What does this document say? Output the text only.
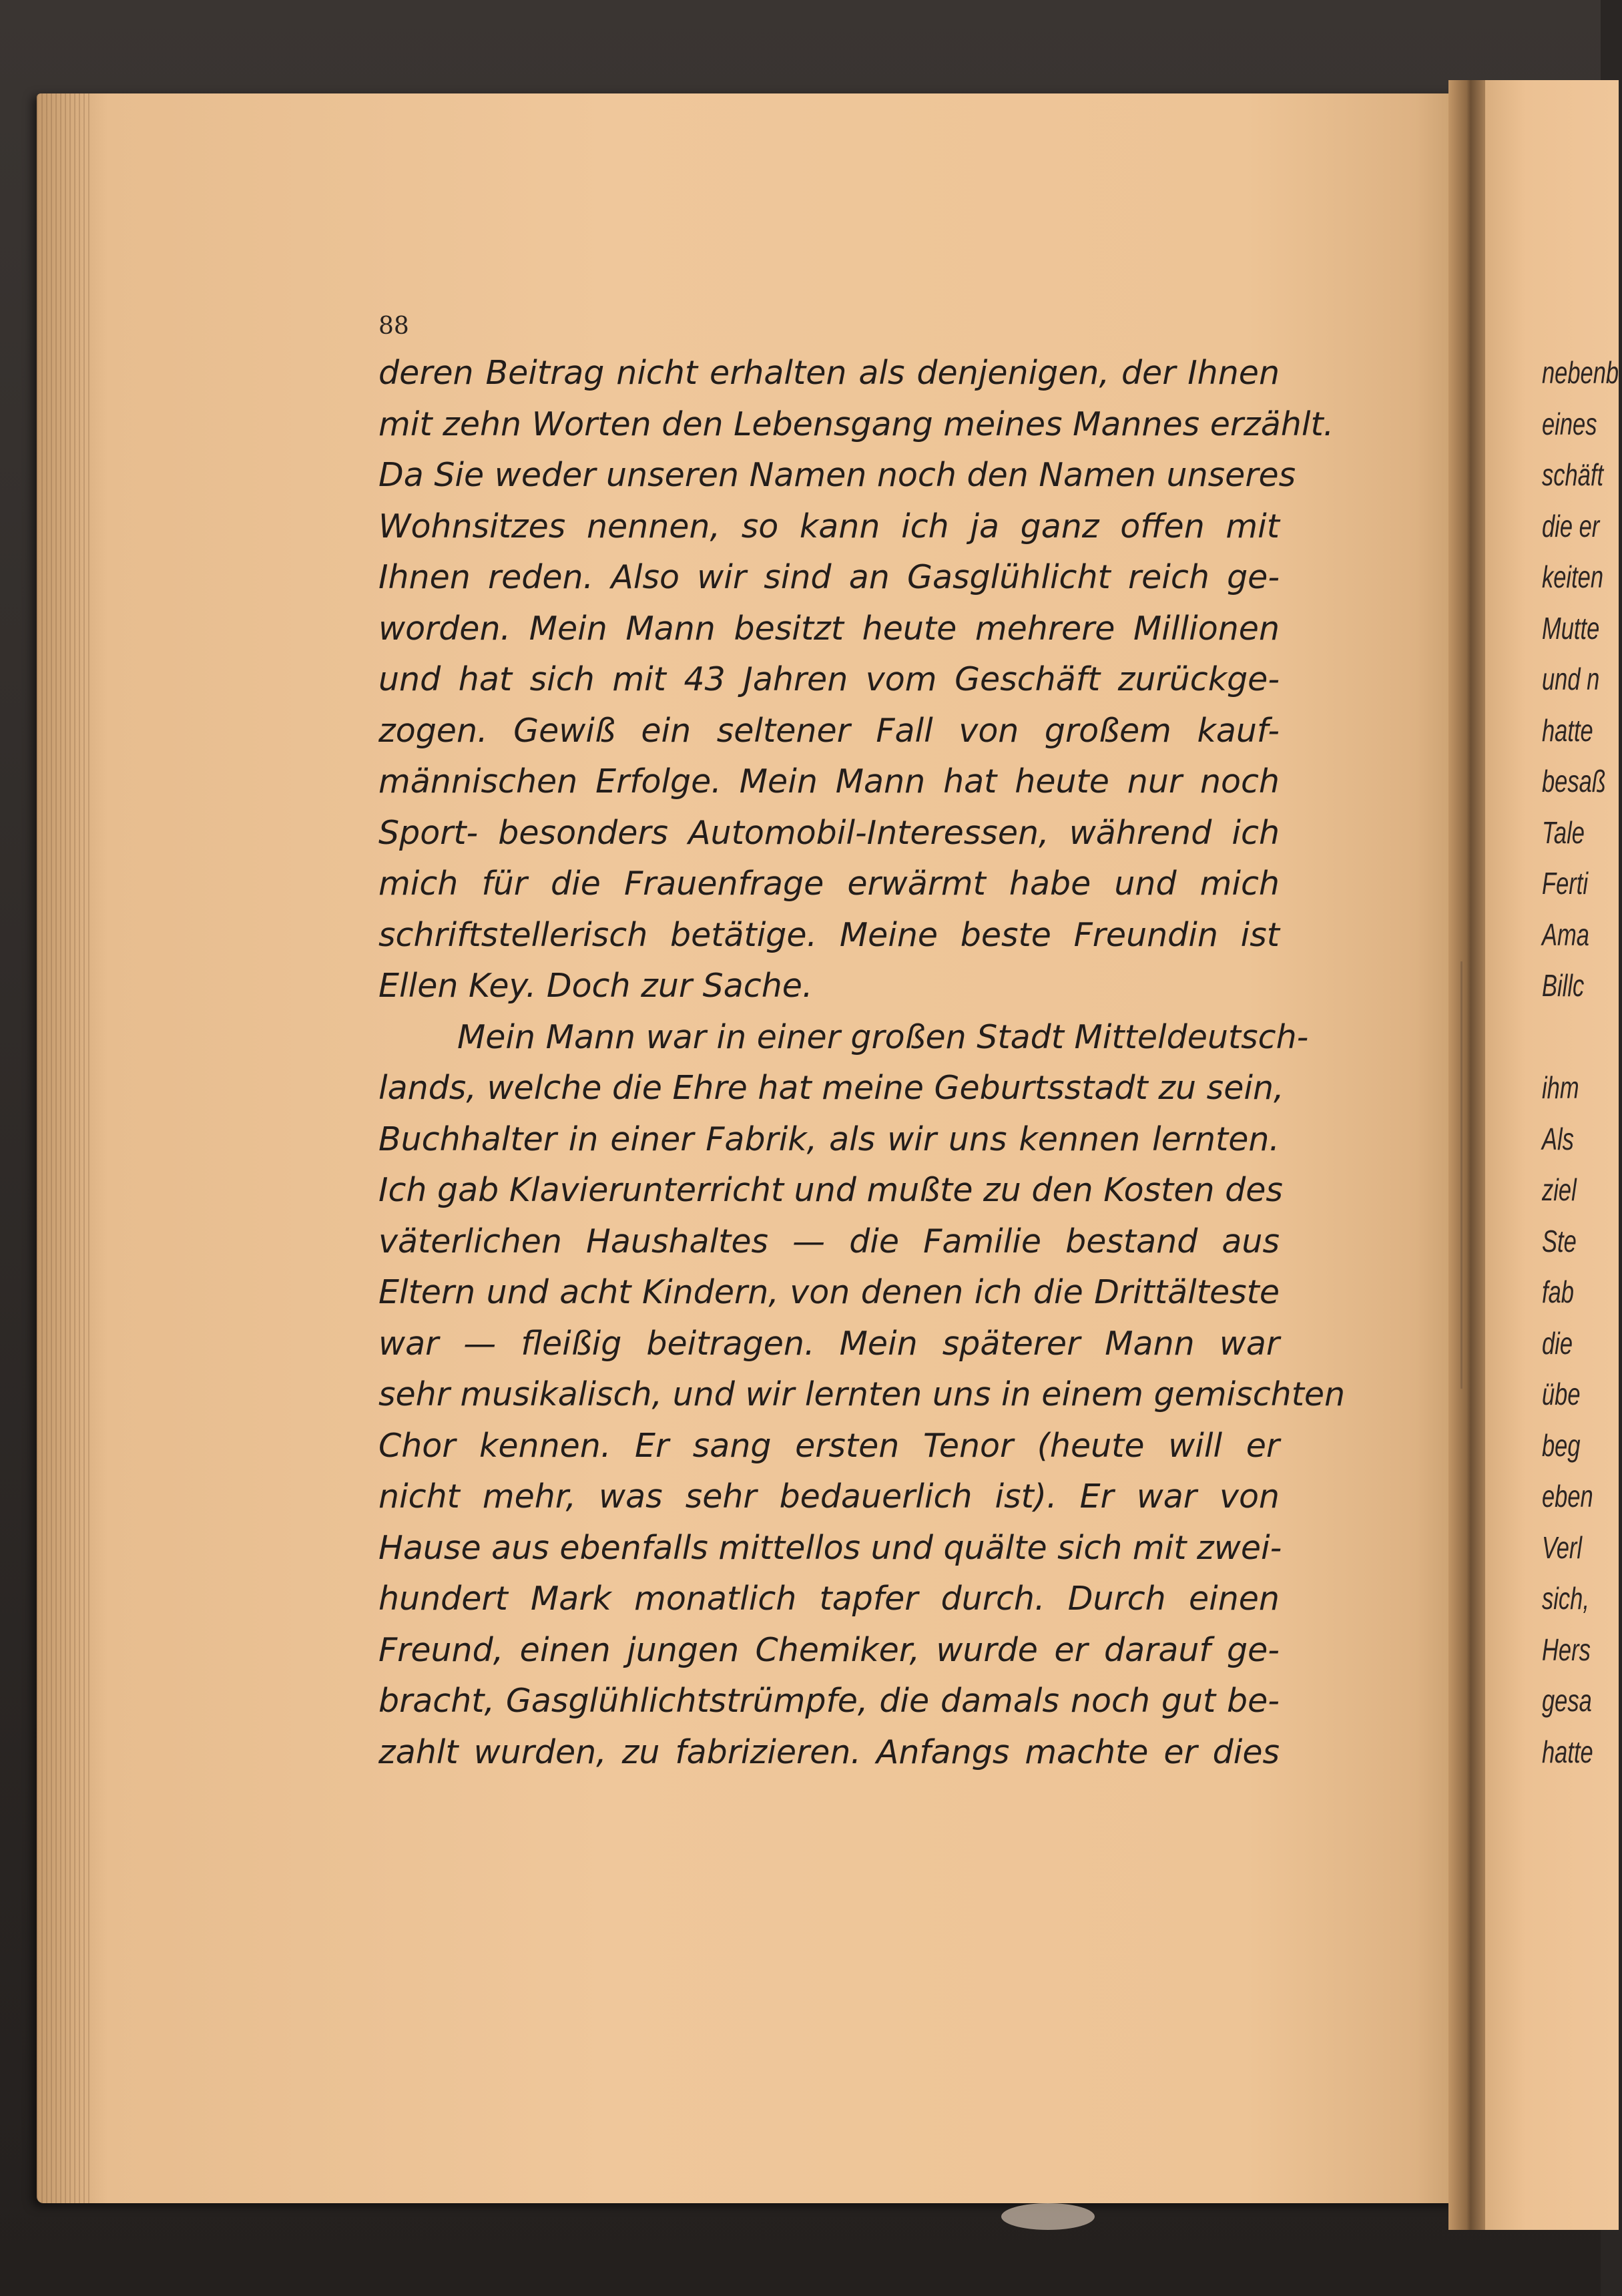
88
deren Beitrag nicht erhalten als denjenigen, der Ihnen
mit zehn Worten den Lebensgang meines Mannes erzählt.
Da Sie weder unseren Namen noch den Namen unseres
Wohnsitzes nennen, so kann ich ja ganz offen mit
Ihnen reden. Also wir sind an Gasglühlicht reich ge-
worden. Mein Mann besitzt heute mehrere Millionen
und hat sich mit 43 Jahren vom Geschäft zurückge-
zogen. Gewiß ein seltener Fall von großem kauf-
männischen Erfolge. Mein Mann hat heute nur noch
Sport- besonders Automobil-Interessen, während ich
mich für die Frauenfrage erwärmt habe und mich
schriftstellerisch betätige. Meine beste Freundin ist
Ellen Key. Doch zur Sache.
Mein Mann war in einer großen Stadt Mitteldeutsch-
lands, welche die Ehre hat meine Geburtsstadt zu sein,
Buchhalter in einer Fabrik, als wir uns kennen lernten.
Ich gab Klavierunterricht und mußte zu den Kosten des
väterlichen Haushaltes — die Familie bestand aus
Eltern und acht Kindern, von denen ich die Drittälteste
war — fleißig beitragen. Mein späterer Mann war
sehr musikalisch, und wir lernten uns in einem gemischten
Chor kennen. Er sang ersten Tenor (heute will er
nicht mehr, was sehr bedauerlich ist). Er war von
Hause aus ebenfalls mittellos und quälte sich mit zwei-
hundert Mark monatlich tapfer durch. Durch einen
Freund, einen jungen Chemiker, wurde er darauf ge-
bracht, Gasglühlichtstrümpfe, die damals noch gut be-
zahlt wurden, zu fabrizieren. Anfangs machte er dies
nebenb
eines
schäft
die er
keiten
Mutte
und n
hatte
besaß
Tale
Ferti
Ama
Billc
ihm
Als
ziel
Ste
fab
die
übe
beg
eben
Verl
sich,
Hers
gesa
hatte
